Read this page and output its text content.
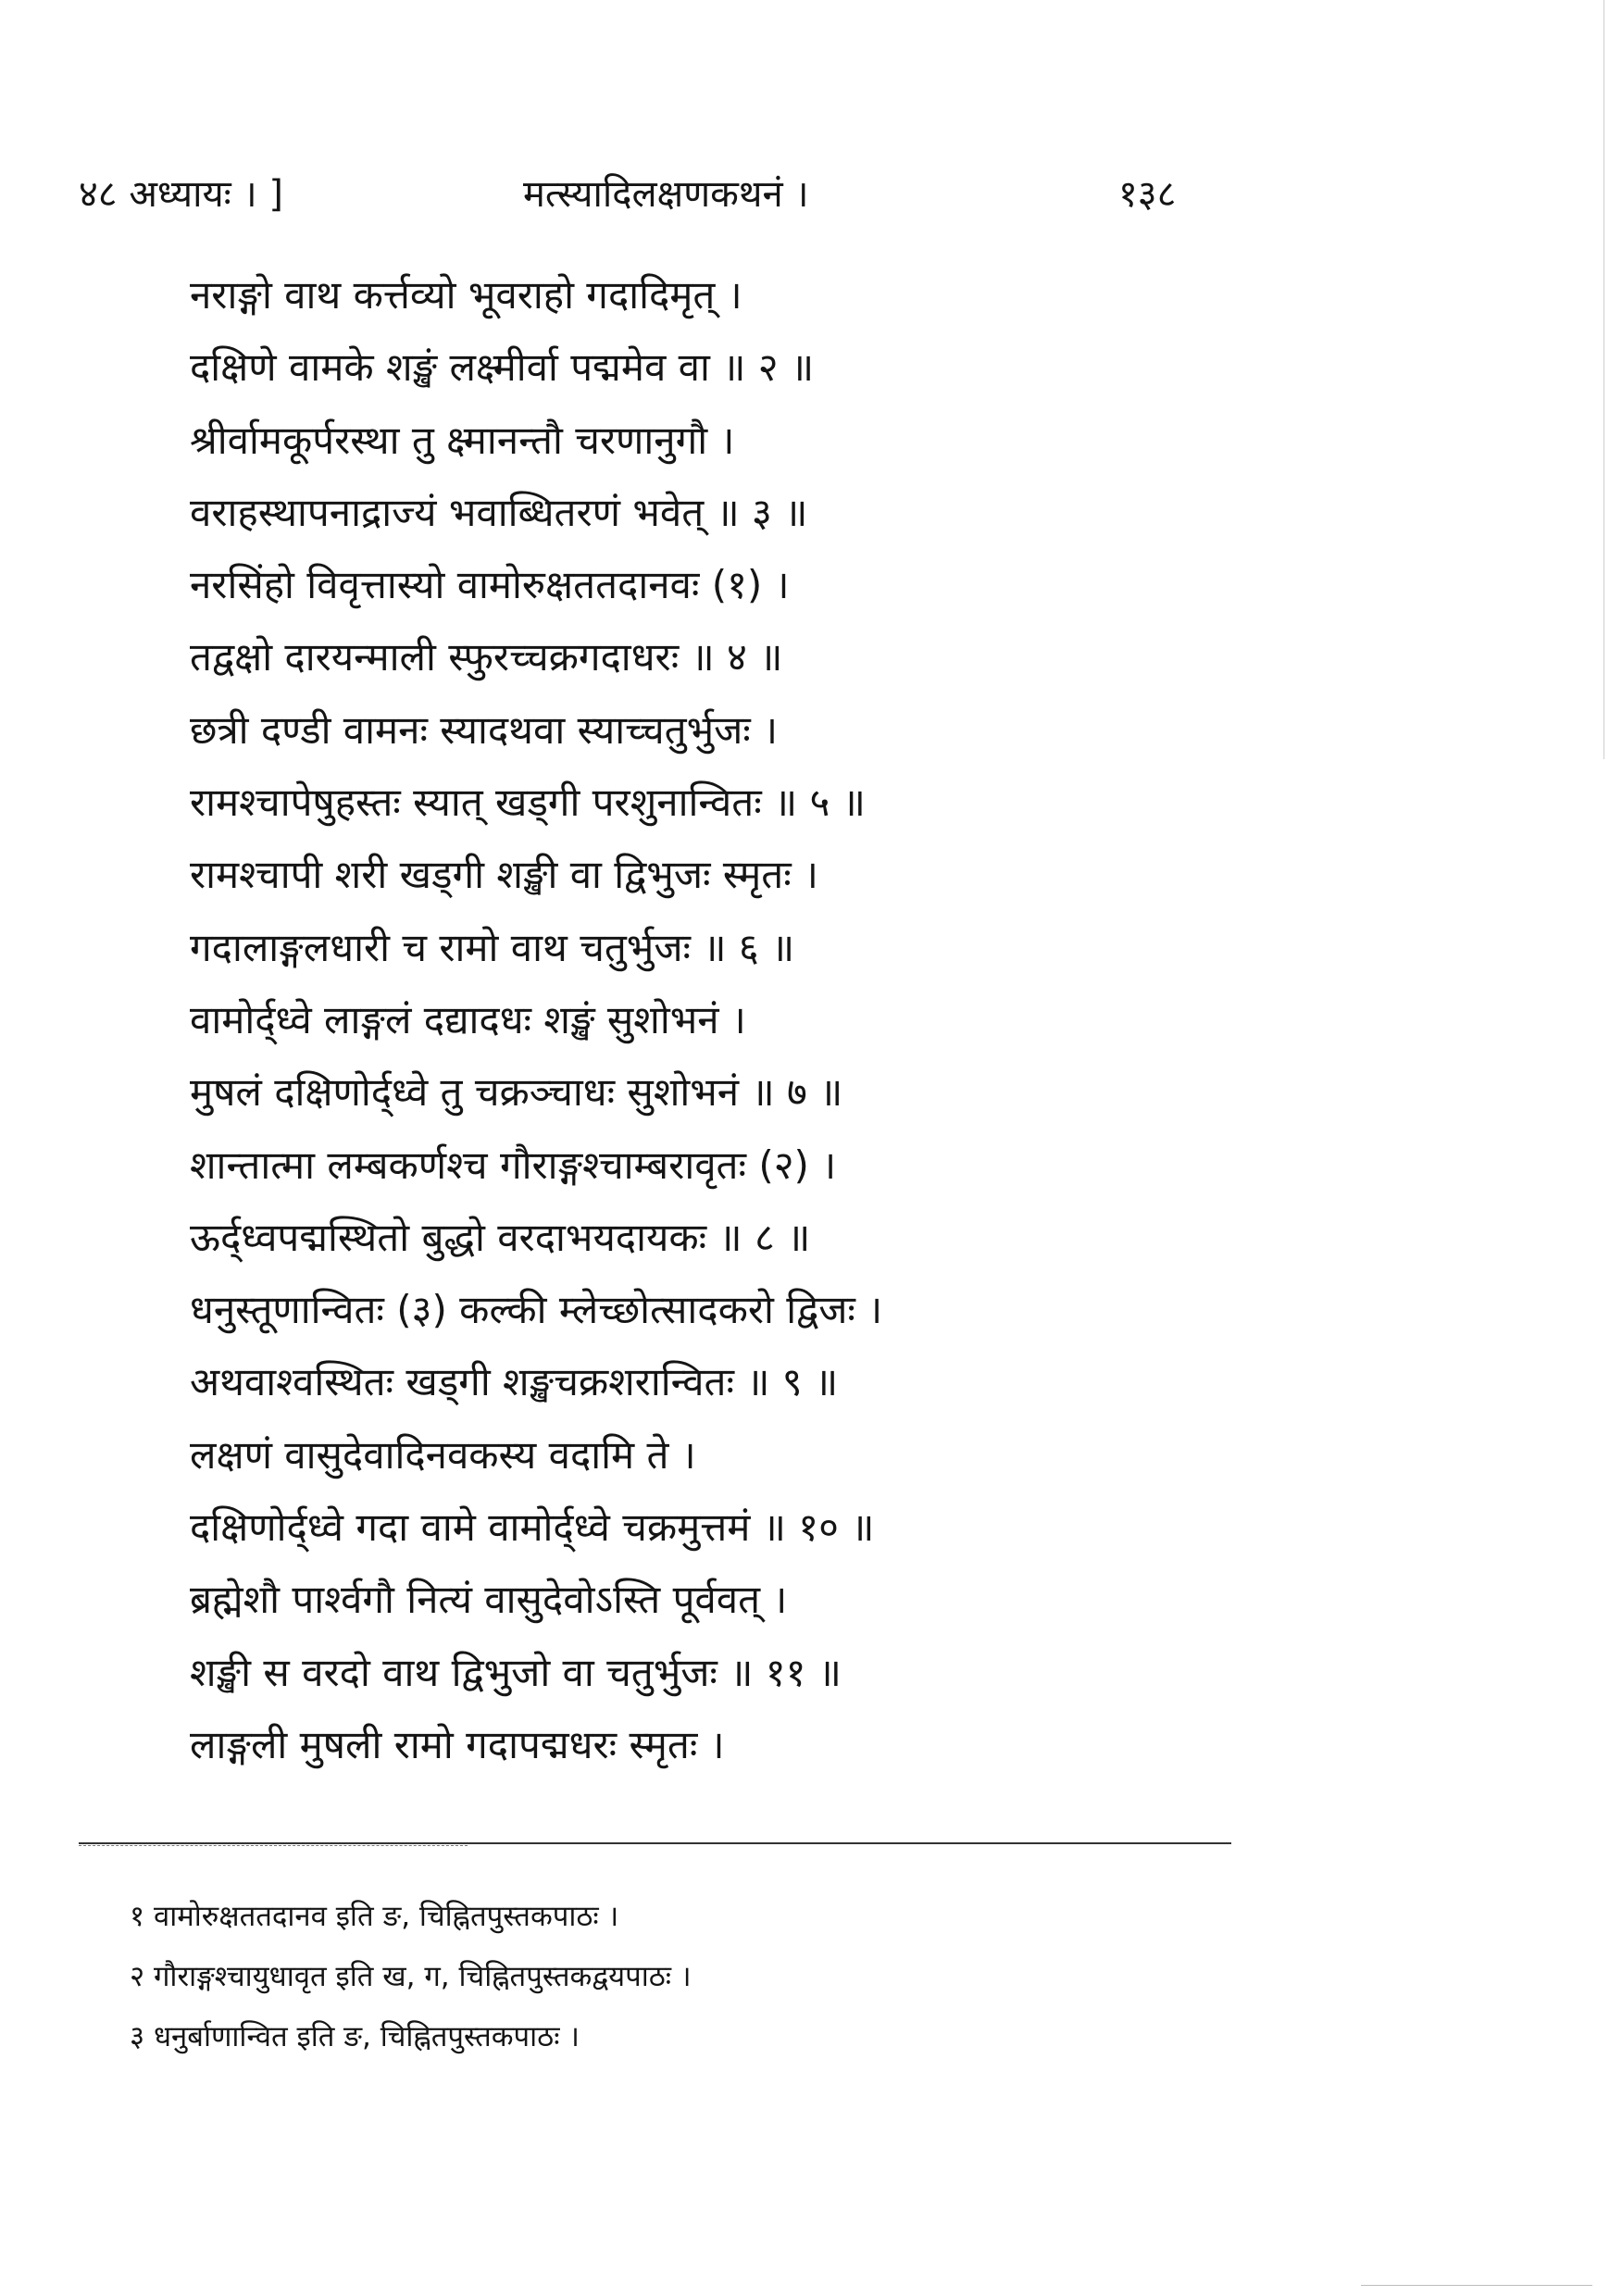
४८ अध्यायः । ]	मत्स्यादिलक्षणकथनं ।	१३८
नराङ्गो वाथ कर्त्तव्यो भूवराहो गदादिमृत् ।
दक्षिणे वामके शङ्खं लक्ष्मीर्वा पद्ममेव वा ॥ २ ॥
श्रीर्वामकूर्परस्था तु क्ष्मानन्तौ चरणानुगौ ।
वराहस्थापनाद्राज्यं भवाब्धितरणं भवेत् ॥ ३ ॥
नरसिंहो विवृत्तास्यो वामोरुक्षततदानवः (१) ।
तद्वक्षो दारयन्माली स्फुरच्चक्रगदाधरः ॥ ४ ॥
छत्री दण्डी वामनः स्यादथवा स्याच्चतुर्भुजः ।
रामश्चापेषुहस्तः स्यात् खड्गी परशुनान्वितः ॥ ५ ॥
रामश्चापी शरी खड्गी शङ्खी वा द्विभुजः स्मृतः ।
गदालाङ्गलधारी च रामो वाथ चतुर्भुजः ॥ ६ ॥
वामोर्द्ध्वे लाङ्गलं दद्यादधः शङ्खं सुशोभनं ।
मुषलं दक्षिणोर्द्ध्वे तु चक्रञ्चाधः सुशोभनं ॥ ७ ॥
शान्तात्मा लम्बकर्णश्च गौराङ्गश्चाम्बरावृतः (२) ।
ऊर्द्ध्वपद्मस्थितो बुद्धो वरदाभयदायकः ॥ ८ ॥
धनुस्तूणान्वितः (३) कल्की म्लेच्छोत्सादकरो द्विजः ।
अथवाश्वस्थितः खड्गी शङ्खचक्रशरान्वितः ॥ ९ ॥
लक्षणं वासुदेवादिनवकस्य वदामि ते ।
दक्षिणोर्द्ध्वे गदा वामे वामोर्द्ध्वे चक्रमुत्तमं ॥ १० ॥
ब्रह्मेशौ पार्श्वगौ नित्यं वासुदेवोऽस्ति पूर्ववत् ।
शङ्खी स वरदो वाथ द्विभुजो वा चतुर्भुजः ॥ ११ ॥
लाङ्गली मुषली रामो गदापद्मधरः स्मृतः ।
१ वामोरुक्षततदानव इति ङ, चिह्नितपुस्तकपाठः ।
२ गौराङ्गश्चायुधावृत इति ख, ग, चिह्नितपुस्तकद्वयपाठः ।
३ धनुर्बाणान्वित इति ङ, चिह्नितपुस्तकपाठः ।
